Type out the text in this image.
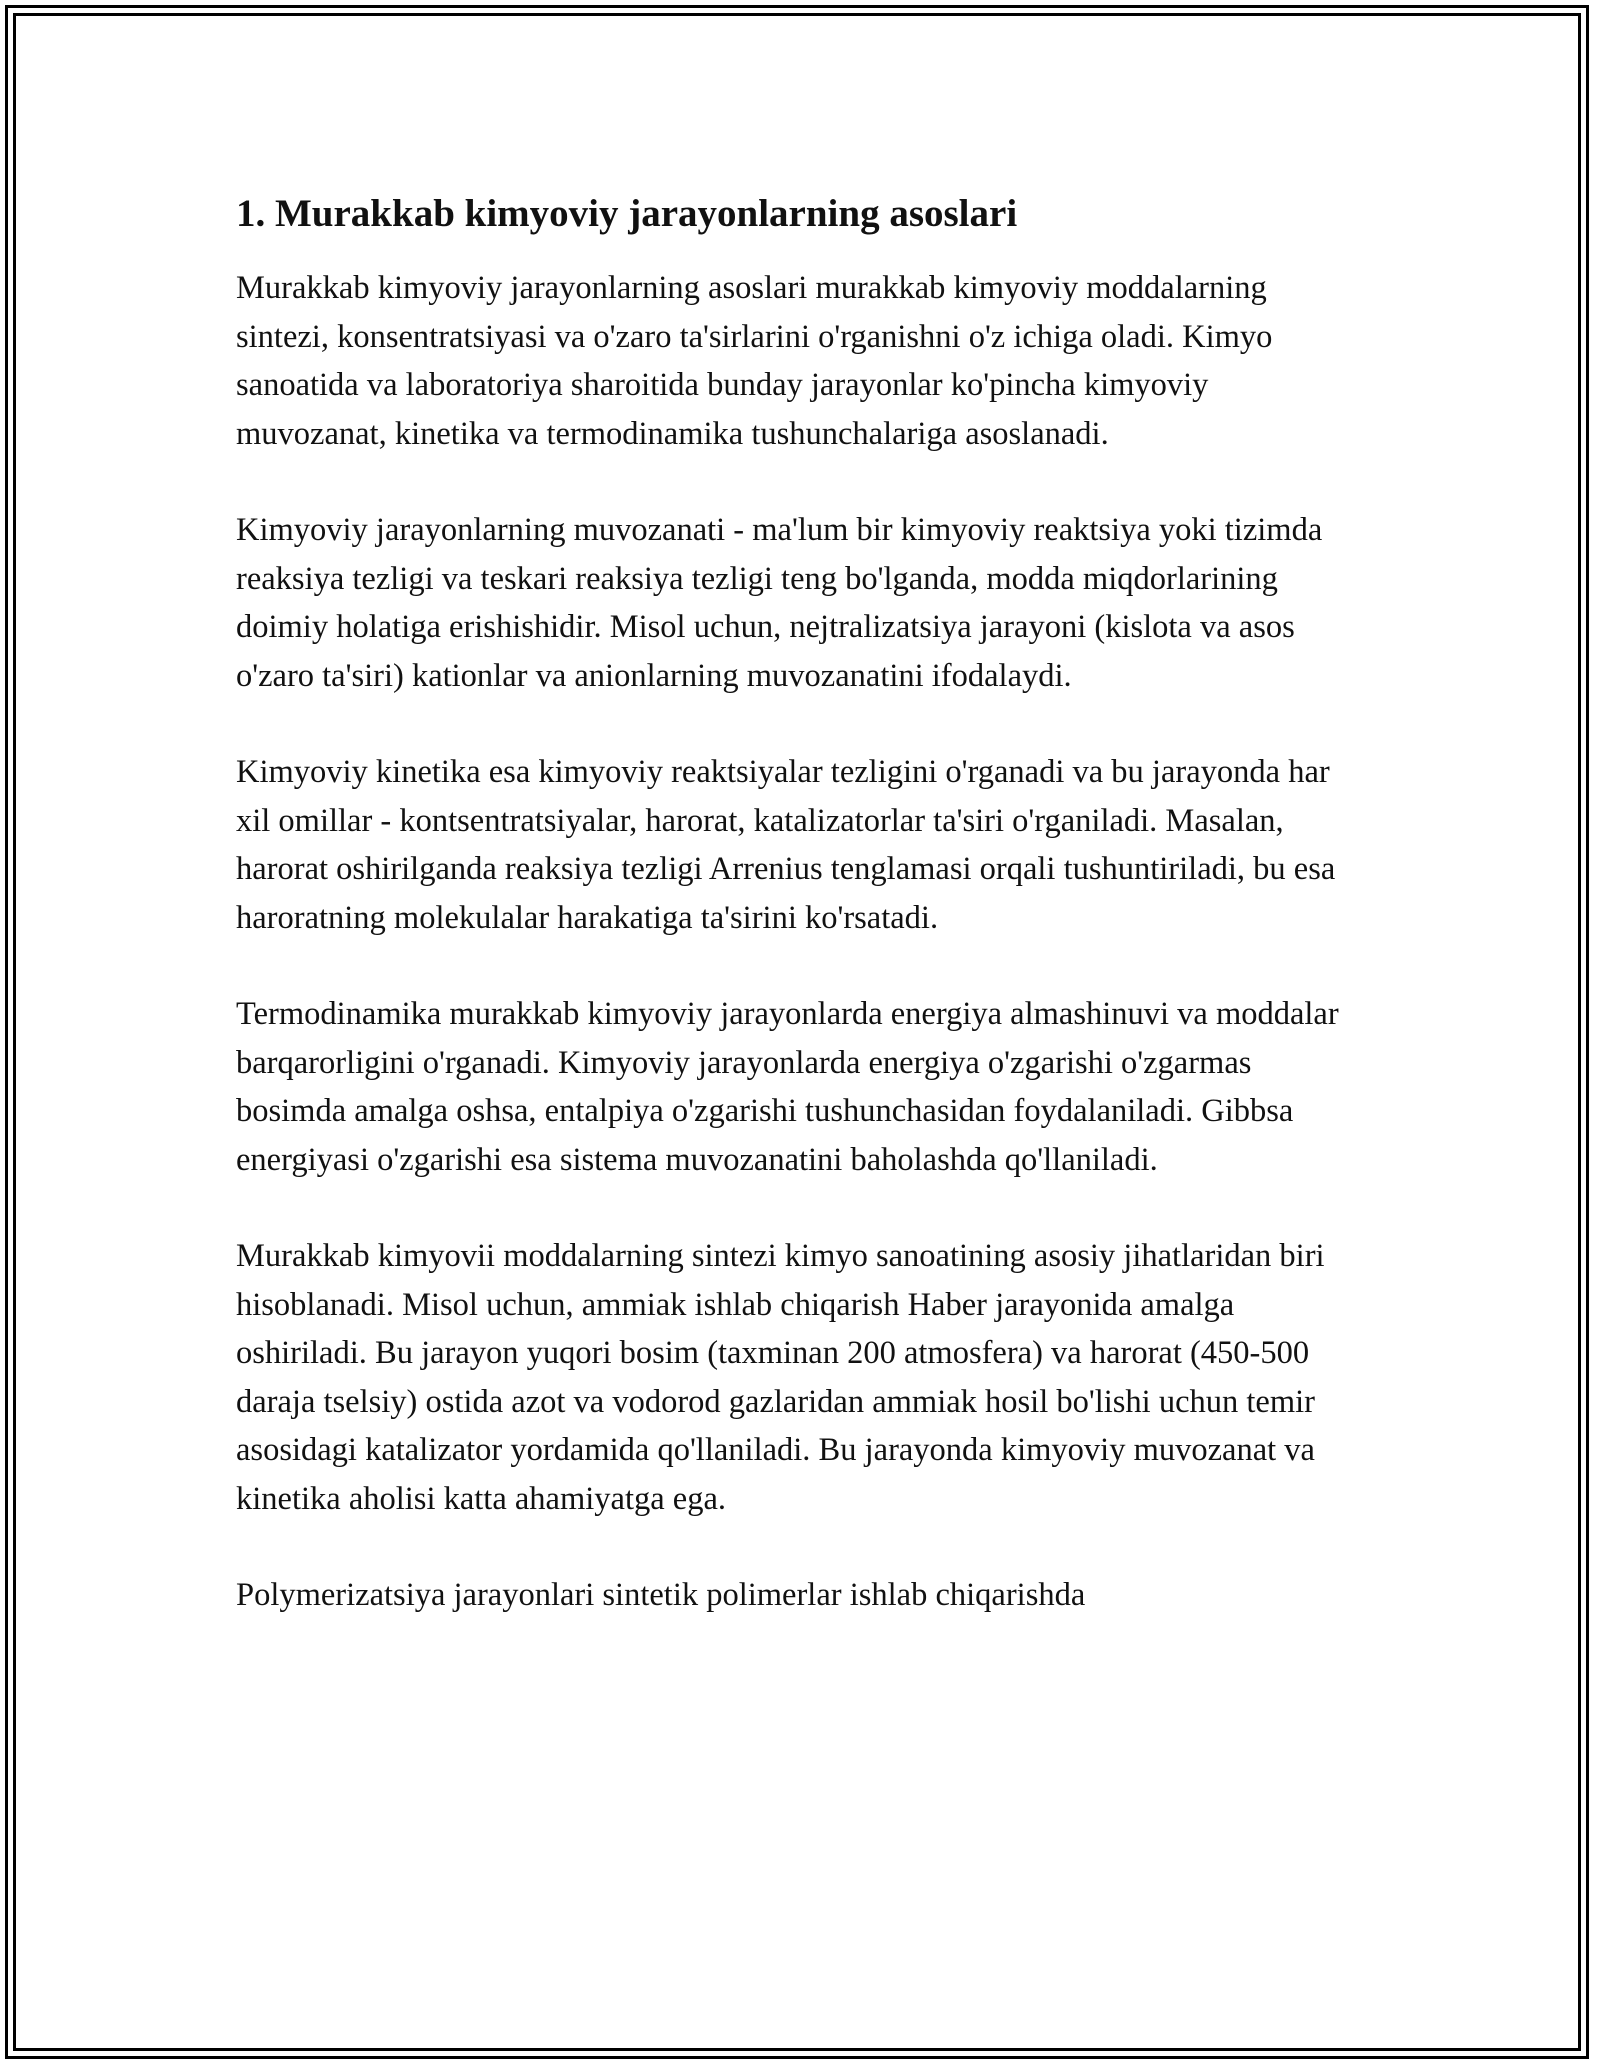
1. Murakkab kimyoviy jarayonlarning asoslari

Murakkab kimyoviy jarayonlarning asoslari murakkab kimyoviy moddalarning sintezi, konsentratsiyasi va o'zaro ta'sirlarini o'rganishni o'z ichiga oladi. Kimyo sanoatida va laboratoriya sharoitida bunday jarayonlar ko'pincha kimyoviy muvozanat, kinetika va termodinamika tushunchalariga asoslanadi.

Kimyoviy jarayonlarning muvozanati - ma'lum bir kimyoviy reaktsiya yoki tizimda reaksiya tezligi va teskari reaksiya tezligi teng bo'lganda, modda miqdorlarining doimiy holatiga erishishidir. Misol uchun, nejtralizatsiya jarayoni (kislota va asos o'zaro ta'siri) kationlar va anionlarning muvozanatini ifodalaydi.

Kimyoviy kinetika esa kimyoviy reaktsiyalar tezligini o'rganadi va bu jarayonda har xil omillar - kontsentratsiyalar, harorat, katalizatorlar ta'siri o'rganiladi. Masalan, harorat oshirilganda reaksiya tezligi Arrenius tenglamasi orqali tushuntiriladi, bu esa haroratning molekulalar harakatiga ta'sirini ko'rsatadi.

Termodinamika murakkab kimyoviy jarayonlarda energiya almashinuvi va moddalar barqarorligini o'rganadi. Kimyoviy jarayonlarda energiya o'zgarishi o'zgarmas bosimda amalga oshsa, entalpiya o'zgarishi tushunchasidan foydalaniladi. Gibbsa energiyasi o'zgarishi esa sistema muvozanatini baholashda qo'llaniladi.

Murakkab kimyovii moddalarning sintezi kimyo sanoatining asosiy jihatlaridan biri hisoblanadi. Misol uchun, ammiak ishlab chiqarish Haber jarayonida amalga oshiriladi. Bu jarayon yuqori bosim (taxminan 200 atmosfera) va harorat (450-500 daraja tselsiy) ostida azot va vodorod gazlaridan ammiak hosil bo'lishi uchun temir asosidagi katalizator yordamida qo'llaniladi. Bu jarayonda kimyoviy muvozanat va kinetika aholisi katta ahamiyatga ega.

Polymerizatsiya jarayonlari sintetik polimerlar ishlab chiqarishda
